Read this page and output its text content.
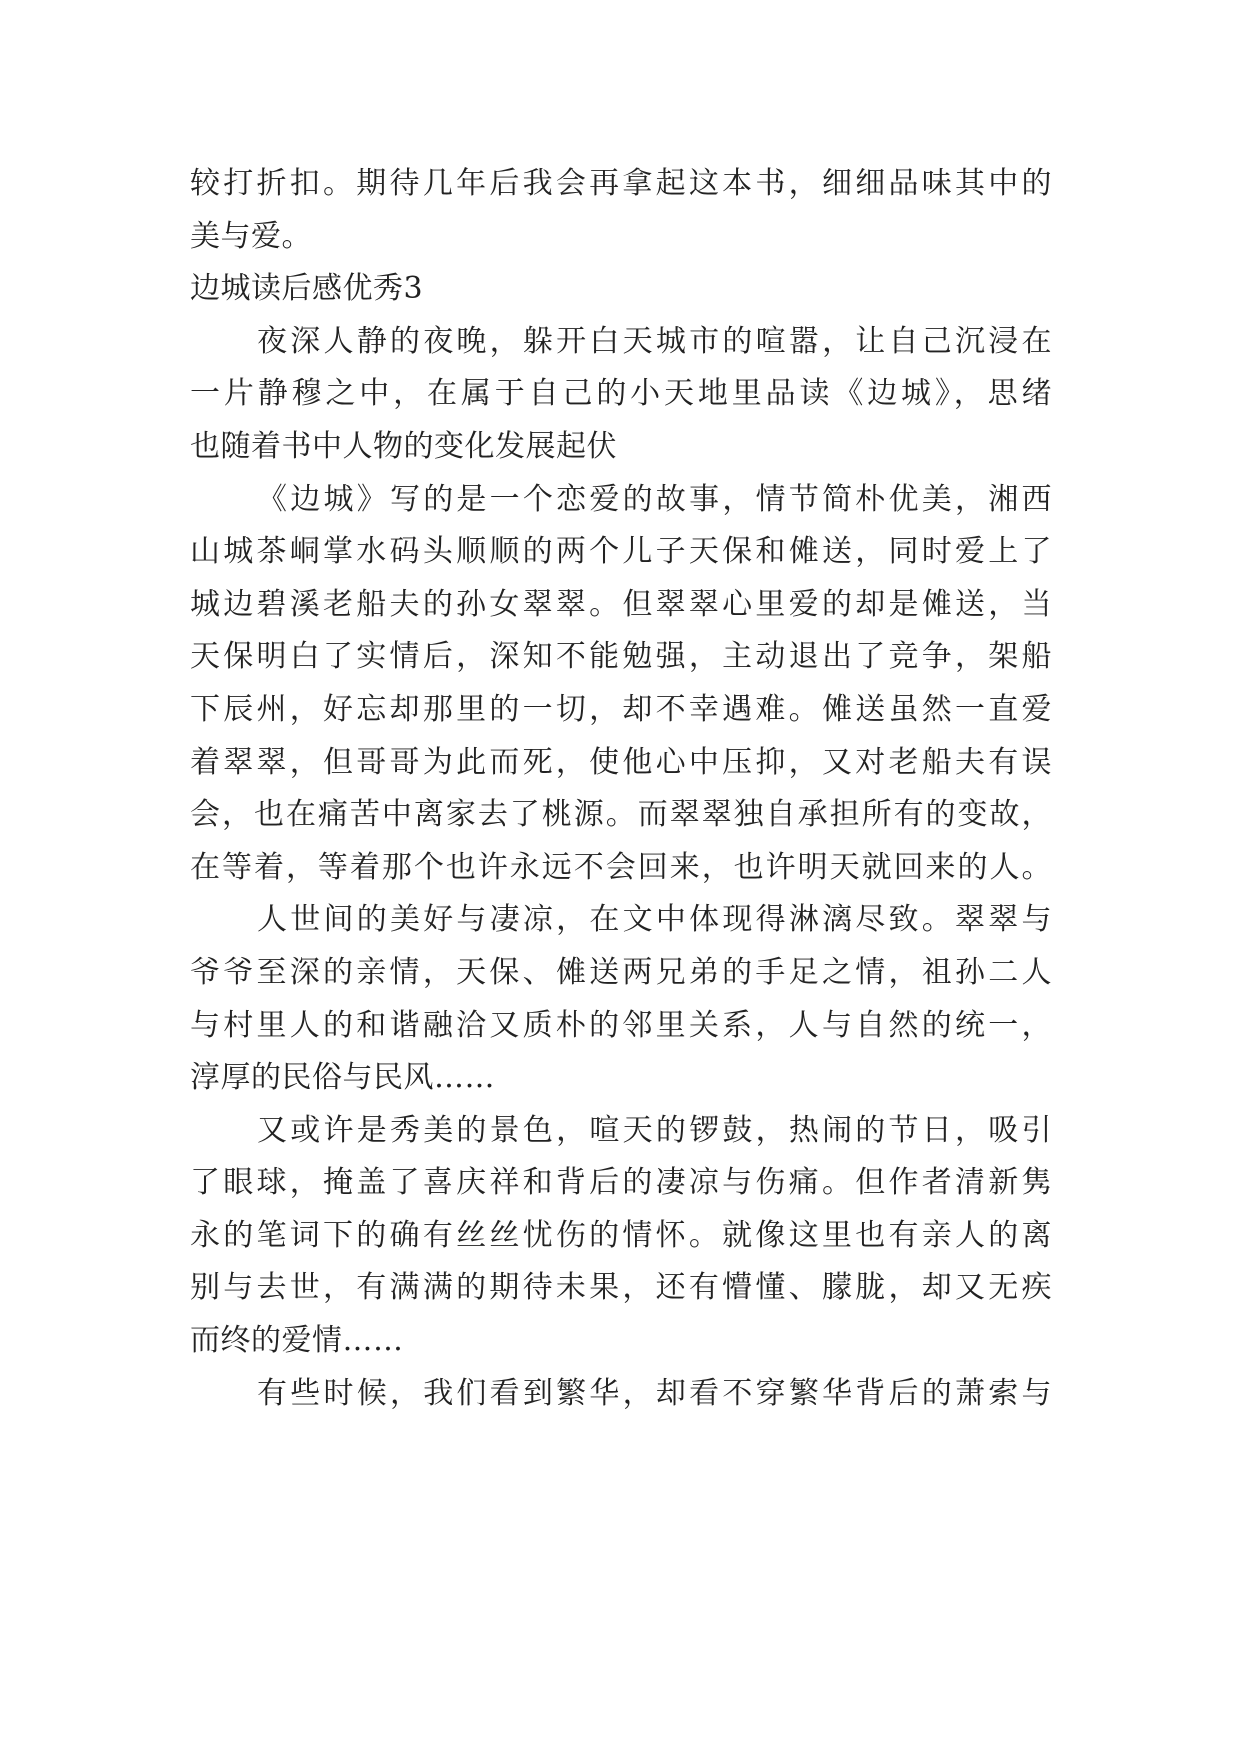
较打折扣。期待几年后我会再拿起这本书，细细品味其中的
美与爱。
边城读后感优秀3
夜深人静的夜晚，躲开白天城市的喧嚣，让自己沉浸在
一片静穆之中，在属于自己的小天地里品读《边城》，思绪
也随着书中人物的变化发展起伏
《边城》写的是一个恋爱的故事，情节简朴优美，湘西
山城茶峒掌水码头顺顺的两个儿子天保和傩送，同时爱上了
城边碧溪老船夫的孙女翠翠。但翠翠心里爱的却是傩送，当
天保明白了实情后，深知不能勉强，主动退出了竞争，架船
下辰州，好忘却那里的一切，却不幸遇难。傩送虽然一直爱
着翠翠，但哥哥为此而死，使他心中压抑，又对老船夫有误
会，也在痛苦中离家去了桃源。而翠翠独自承担所有的变故，
在等着，等着那个也许永远不会回来，也许明天就回来的人。
人世间的美好与凄凉，在文中体现得淋漓尽致。翠翠与
爷爷至深的亲情，天保、傩送两兄弟的手足之情，祖孙二人
与村里人的和谐融洽又质朴的邻里关系，人与自然的统一，
淳厚的民俗与民风……
又或许是秀美的景色，喧天的锣鼓，热闹的节日，吸引
了眼球，掩盖了喜庆祥和背后的凄凉与伤痛。但作者清新隽
永的笔词下的确有丝丝忧伤的情怀。就像这里也有亲人的离
别与去世，有满满的期待未果，还有懵懂、朦胧，却又无疾
而终的爱情……
有些时候，我们看到繁华，却看不穿繁华背后的萧索与
